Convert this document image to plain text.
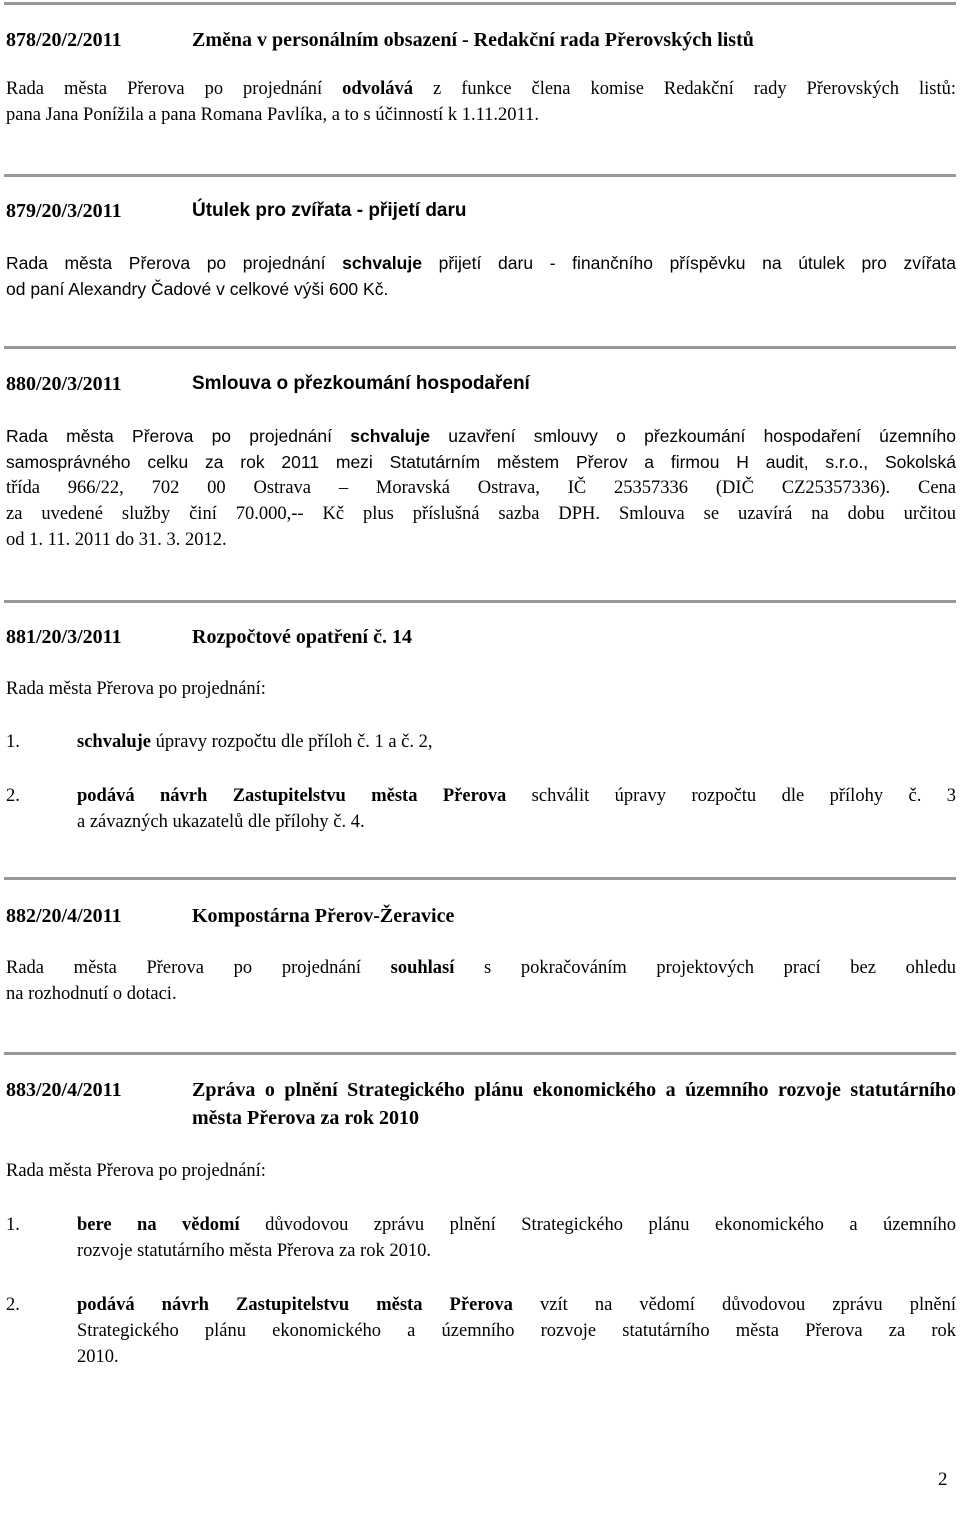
878/20/2/2011	Změna v personálním obsazení - Redakční rada Přerovských listů
Rada města Přerova po projednání odvolává z funkce člena komise Redakční rady Přerovských listů:
pana Jana Ponížila a pana Romana Pavlíka, a to s účinností k 1.11.2011.
879/20/3/2011	Útulek pro zvířata - přijetí daru
Rada města Přerova po projednání schvaluje přijetí daru - finančního příspěvku na útulek pro zvířata
od paní Alexandry Čadové v celkové výši 600 Kč.
880/20/3/2011	Smlouva o přezkoumání hospodaření
Rada města Přerova po projednání schvaluje uzavření smlouvy o přezkoumání hospodaření územního
samosprávného celku za rok 2011 mezi Statutárním městem Přerov a firmou H audit, s.r.o., Sokolská
třída 966/22, 702 00 Ostrava – Moravská Ostrava, IČ 25357336 (DIČ CZ25357336). Cena
za uvedené služby činí 70.000,-- Kč plus příslušná sazba DPH. Smlouva se uzavírá na dobu určitou
od 1. 11. 2011 do 31. 3. 2012.
881/20/3/2011	Rozpočtové opatření č. 14
Rada města Přerova po projednání:
1.	schvaluje úpravy rozpočtu dle příloh č. 1 a č. 2,
2.	podává návrh Zastupitelstvu města Přerova schválit úpravy rozpočtu dle přílohy č. 3
a závazných ukazatelů dle přílohy č. 4.
882/20/4/2011	Kompostárna Přerov-Žeravice
Rada města Přerova po projednání souhlasí s pokračováním projektových prací bez ohledu
na rozhodnutí o dotaci.
883/20/4/2011	Zpráva o plnění Strategického plánu ekonomického a územního rozvoje statutárního města Přerova za rok 2010
Rada města Přerova po projednání:
1.	bere na vědomí důvodovou zprávu plnění Strategického plánu ekonomického a územního
rozvoje statutárního města Přerova za rok 2010.
2.	podává návrh Zastupitelstvu města Přerova vzít na vědomí důvodovou zprávu plnění
Strategického plánu ekonomického a územního rozvoje statutárního města Přerova za rok
2010.
2
